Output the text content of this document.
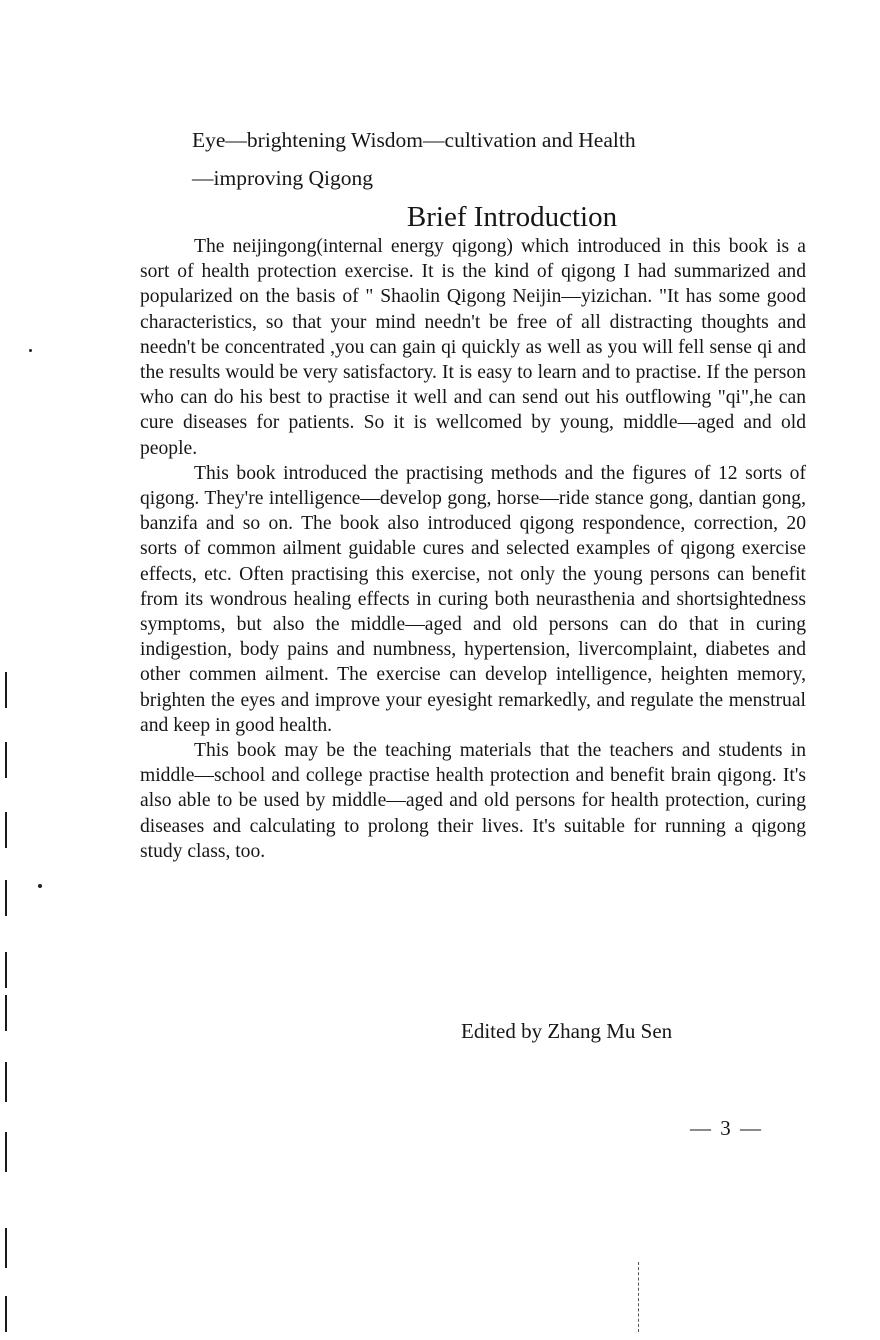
Eye—brightening Wisdom—cultivation and Health
—improving Qigong
Brief Introduction

The neijingong(internal energy qigong) which introduced in this book is a sort of health protection exercise. It is the kind of qigong I had summarized and popularized on the basis of " Shaolin Qigong Neijin—yizichan. "It has some good characteristics, so that your mind needn't be free of all distracting thoughts and needn't be concentrated ,you can gain qi quickly as well as you will fell sense qi and the results would be very satisfactory. It is easy to learn and to practise. If the person who can do his best to practise it well and can send out his outflowing "qi",he can cure diseases for patients. So it is wellcomed by young, middle—aged and old people.

This book introduced the practising methods and the figures of 12 sorts of qigong. They're intelligence—develop gong, horse—ride stance gong, dantian gong, banzifa and so on. The book also introduced qigong respondence, correction, 20 sorts of common ailment guidable cures and selected examples of qigong exercise effects, etc. Often practising this exercise, not only the young persons can benefit from its wondrous healing effects in curing both neurasthenia and shortsightedness symptoms, but also the middle—aged and old persons can do that in curing indigestion, body pains and numbness, hypertension, livercomplaint, diabetes and other commen ailment. The exercise can develop intelligence, heighten memory, brighten the eyes and improve your eyesight remarkedly, and regulate the menstrual and keep in good health.

This book may be the teaching materials that the teachers and students in middle—school and college practise health protection and benefit brain qigong. It's also able to be used by middle—aged and old persons for health protection, curing diseases and calculating to prolong their lives. It's suitable for running a qigong study class, too.

Edited by Zhang Mu Sen
— 3 —
